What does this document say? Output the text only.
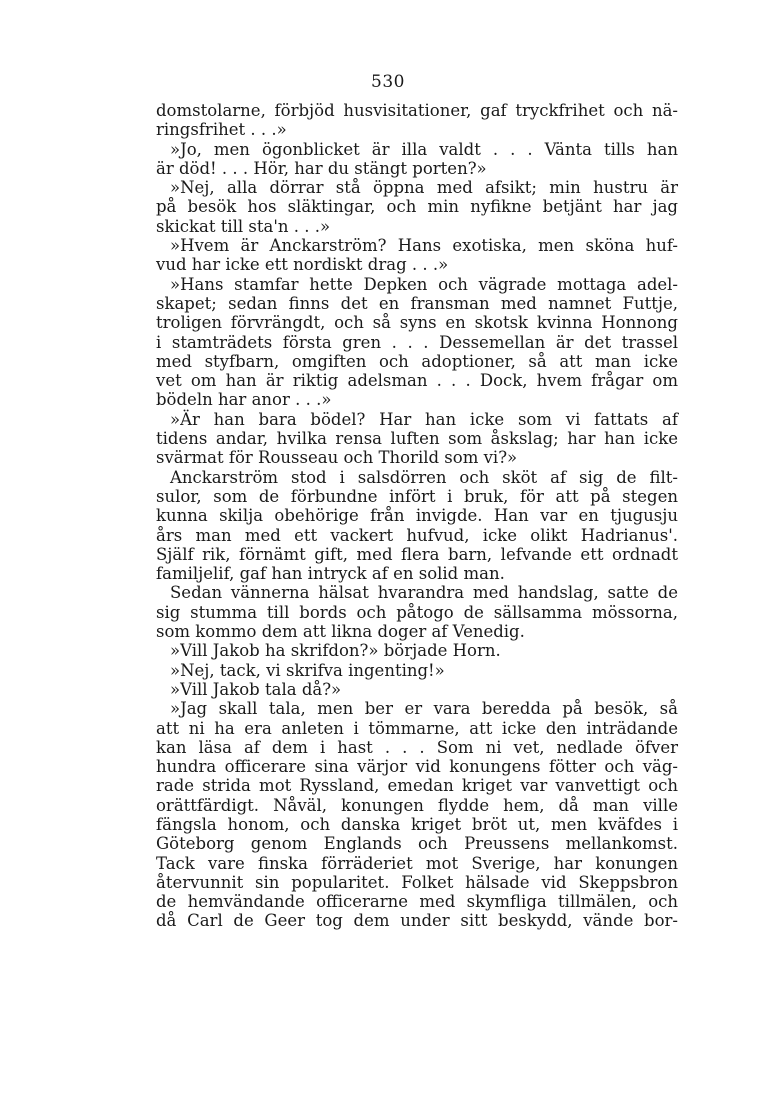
530
domstolarne, förbjöd husvisitationer, gaf tryckfrihet och nä-
ringsfrihet . . .»
»Jo, men ögonblicket är illa valdt . . . Vänta tills han
är död! . . . Hör, har du stängt porten?»
»Nej, alla dörrar stå öppna med afsikt; min hustru är
på besök hos släktingar, och min nyfikne betjänt har jag
skickat till sta'n . . .»
»Hvem är Anckarström? Hans exotiska, men sköna huf-
vud har icke ett nordiskt drag . . .»
»Hans stamfar hette Depken och vägrade mottaga adel-
skapet; sedan finns det en fransman med namnet Futtje,
troligen förvrängdt, och så syns en skotsk kvinna Honnong
i stamträdets första gren . . . Dessemellan är det trassel
med styfbarn, omgiften och adoptioner, så att man icke
vet om han är riktig adelsman . . . Dock, hvem frågar om
bödeln har anor . . .»
»Är han bara bödel? Har han icke som vi fattats af
tidens andar, hvilka rensa luften som åskslag; har han icke
svärmat för Rousseau och Thorild som vi?»
Anckarström stod i salsdörren och sköt af sig de filt-
sulor, som de förbundne infört i bruk, för att på stegen
kunna skilja obehörige från invigde. Han var en tjugusju
års man med ett vackert hufvud, icke olikt Hadrianus'.
Själf rik, förnämt gift, med flera barn, lefvande ett ordnadt
familjelif, gaf han intryck af en solid man.
Sedan vännerna hälsat hvarandra med handslag, satte de
sig stumma till bords och påtogo de sällsamma mössorna,
som kommo dem att likna doger af Venedig.
»Vill Jakob ha skrifdon?» började Horn.
»Nej, tack, vi skrifva ingenting!»
»Vill Jakob tala då?»
»Jag skall tala, men ber er vara beredda på besök, så
att ni ha era anleten i tömmarne, att icke den inträdande
kan läsa af dem i hast . . . Som ni vet, nedlade öfver
hundra officerare sina värjor vid konungens fötter och väg-
rade strida mot Ryssland, emedan kriget var vanvettigt och
orättfärdigt. Nåväl, konungen flydde hem, då man ville
fängsla honom, och danska kriget bröt ut, men kväfdes i
Göteborg genom Englands och Preussens mellankomst.
Tack vare finska förräderiet mot Sverige, har konungen
återvunnit sin popularitet. Folket hälsade vid Skeppsbron
de hemvändande officerarne med skymfliga tillmälen, och
då Carl de Geer tog dem under sitt beskydd, vände bor-
